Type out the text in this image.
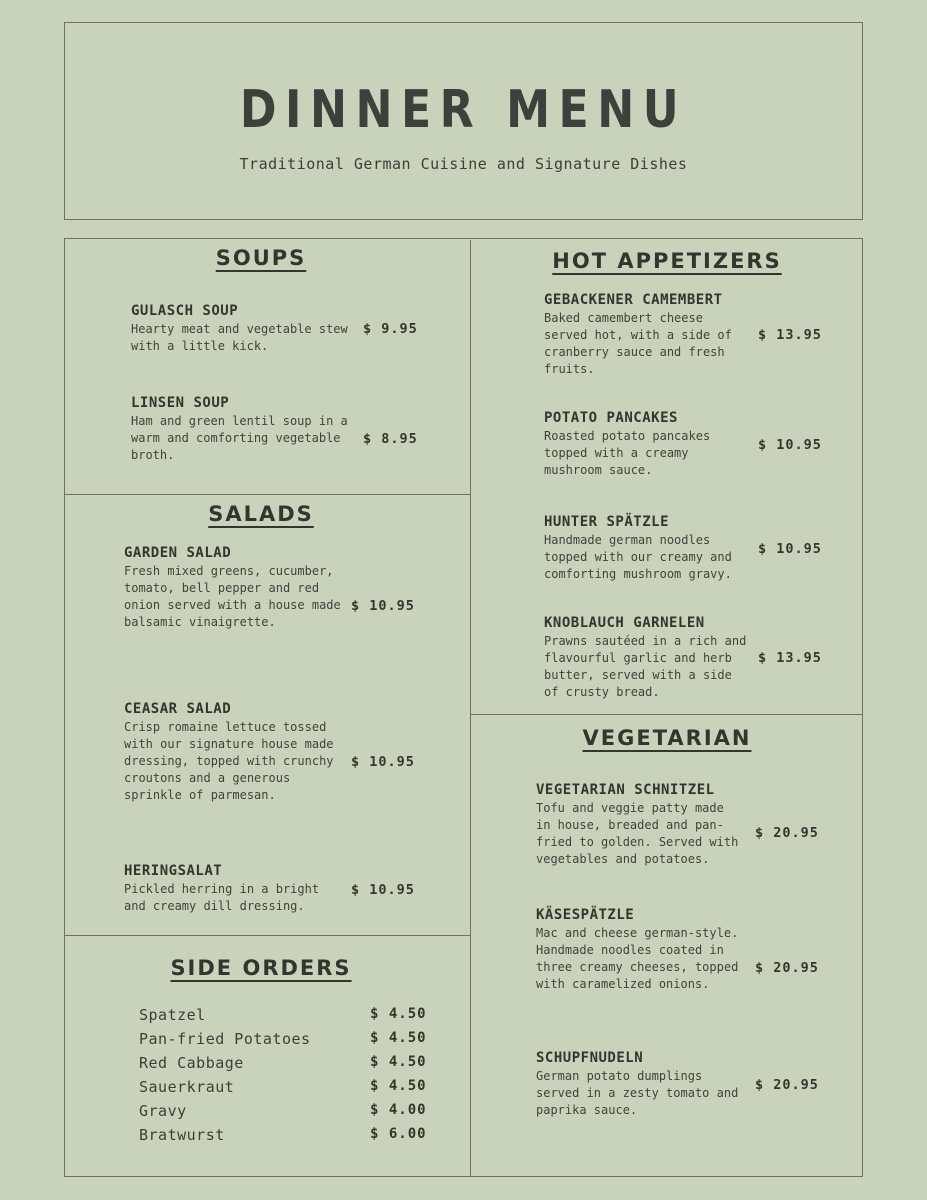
DINNER MENU
Traditional German Cuisine and Signature Dishes
SOUPS
GULASCH SOUP
Hearty meat and vegetable stew with a little kick.
$ 9.95
LINSEN SOUP
Ham and green lentil soup in a warm and comforting vegetable broth.
$ 8.95
SALADS
GARDEN SALAD
Fresh mixed greens, cucumber, tomato, bell pepper and red onion served with a house made balsamic vinaigrette.
$ 10.95
CEASAR SALAD
Crisp romaine lettuce tossed with our signature house made dressing, topped with crunchy croutons and a generous sprinkle of parmesan.
$ 10.95
HERINGSALAT
Pickled herring in a bright and creamy dill dressing.
$ 10.95
SIDE ORDERS
Spatzel	$ 4.50
Pan-fried Potatoes	$ 4.50
Red Cabbage	$ 4.50
Sauerkraut	$ 4.50
Gravy	$ 4.00
Bratwurst	$ 6.00
HOT APPETIZERS
GEBACKENER CAMEMBERT
Baked camembert cheese served hot, with a side of cranberry sauce and fresh fruits.
$ 13.95
POTATO PANCAKES
Roasted potato pancakes topped with a creamy mushroom sauce.
$ 10.95
HUNTER SPÄTZLE
Handmade german noodles topped with our creamy and comforting mushroom gravy.
$ 10.95
KNOBLAUCH GARNELEN
Prawns sautéed in a rich and flavourful garlic and herb butter, served with a side of crusty bread.
$ 13.95
VEGETARIAN
VEGETARIAN SCHNITZEL
Tofu and veggie patty made in house, breaded and pan-fried to golden. Served with vegetables and potatoes.
$ 20.95
KÄSESPÄTZLE
Mac and cheese german-style. Handmade noodles coated in three creamy cheeses, topped with caramelized onions.
$ 20.95
SCHUPFNUDELN
German potato dumplings served in a zesty tomato and paprika sauce.
$ 20.95
